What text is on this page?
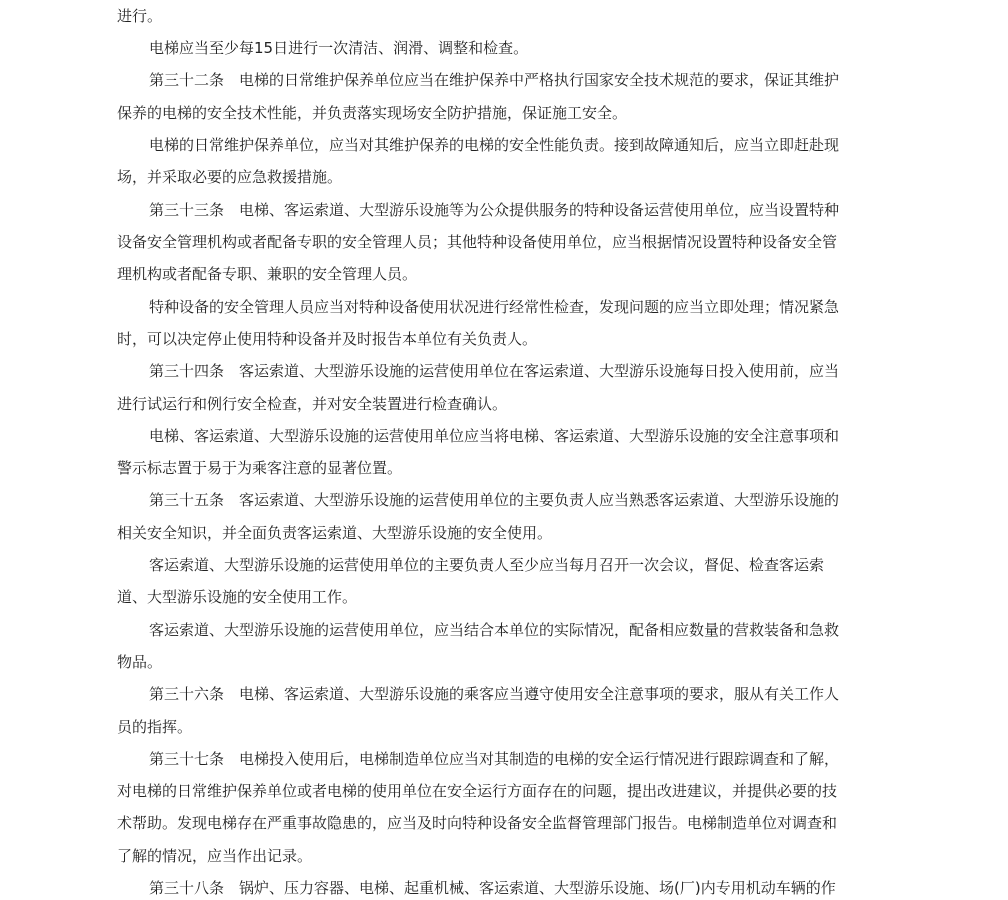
进行。
电梯应当至少每15日进行一次清洁、润滑、调整和检查。
第三十二条　电梯的日常维护保养单位应当在维护保养中严格执行国家安全技术规范的要求，保证其维护
保养的电梯的安全技术性能，并负责落实现场安全防护措施，保证施工安全。
电梯的日常维护保养单位，应当对其维护保养的电梯的安全性能负责。接到故障通知后，应当立即赶赴现
场，并采取必要的应急救援措施。
第三十三条　电梯、客运索道、大型游乐设施等为公众提供服务的特种设备运营使用单位，应当设置特种
设备安全管理机构或者配备专职的安全管理人员；其他特种设备使用单位，应当根据情况设置特种设备安全管
理机构或者配备专职、兼职的安全管理人员。
特种设备的安全管理人员应当对特种设备使用状况进行经常性检查，发现问题的应当立即处理；情况紧急
时，可以决定停止使用特种设备并及时报告本单位有关负责人。
第三十四条　客运索道、大型游乐设施的运营使用单位在客运索道、大型游乐设施每日投入使用前，应当
进行试运行和例行安全检查，并对安全装置进行检查确认。
电梯、客运索道、大型游乐设施的运营使用单位应当将电梯、客运索道、大型游乐设施的安全注意事项和
警示标志置于易于为乘客注意的显著位置。
第三十五条　客运索道、大型游乐设施的运营使用单位的主要负责人应当熟悉客运索道、大型游乐设施的
相关安全知识，并全面负责客运索道、大型游乐设施的安全使用。
客运索道、大型游乐设施的运营使用单位的主要负责人至少应当每月召开一次会议，督促、检查客运索
道、大型游乐设施的安全使用工作。
客运索道、大型游乐设施的运营使用单位，应当结合本单位的实际情况，配备相应数量的营救装备和急救
物品。
第三十六条　电梯、客运索道、大型游乐设施的乘客应当遵守使用安全注意事项的要求，服从有关工作人
员的指挥。
第三十七条　电梯投入使用后，电梯制造单位应当对其制造的电梯的安全运行情况进行跟踪调查和了解，
对电梯的日常维护保养单位或者电梯的使用单位在安全运行方面存在的问题，提出改进建议，并提供必要的技
术帮助。发现电梯存在严重事故隐患的，应当及时向特种设备安全监督管理部门报告。电梯制造单位对调查和
了解的情况，应当作出记录。
第三十八条　锅炉、压力容器、电梯、起重机械、客运索道、大型游乐设施、场(厂)内专用机动车辆的作
